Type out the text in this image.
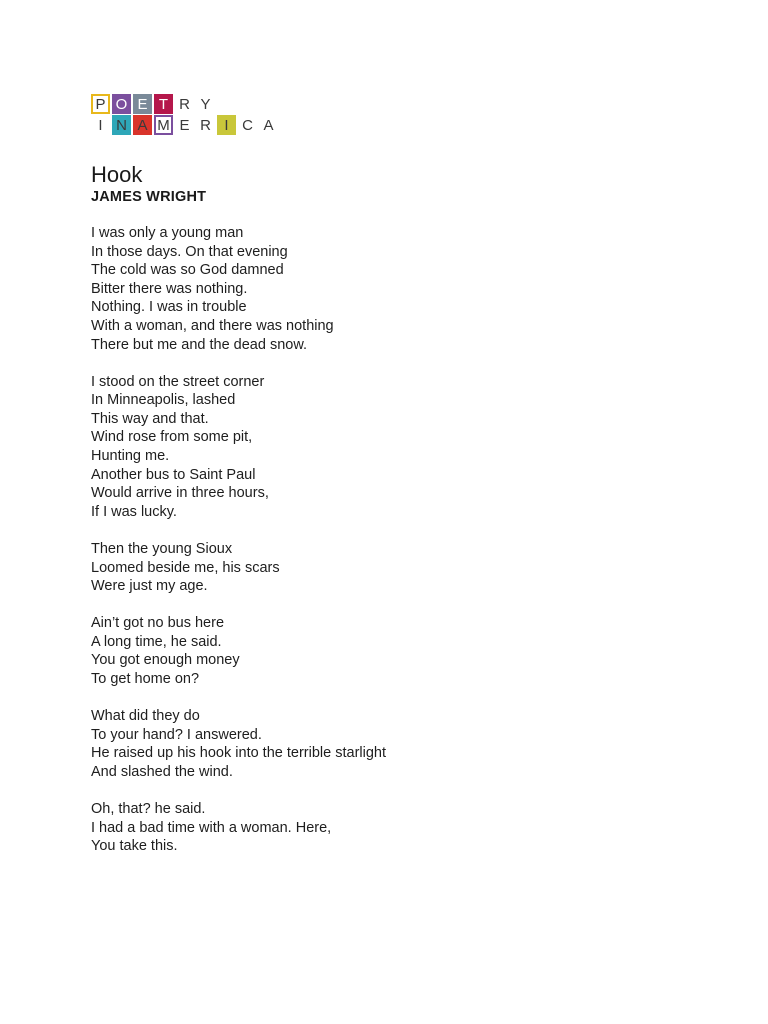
P O E T R Y
I N A M E R I C A
Hook
JAMES WRIGHT
I was only a young man
In those days. On that evening
The cold was so God damned
Bitter there was nothing.
Nothing. I was in trouble
With a woman, and there was nothing
There but me and the dead snow.
I stood on the street corner
In Minneapolis, lashed
This way and that.
Wind rose from some pit,
Hunting me.
Another bus to Saint Paul
Would arrive in three hours,
If I was lucky.
Then the young Sioux
Loomed beside me, his scars
Were just my age.
Ain’t got no bus here
A long time, he said.
You got enough money
To get home on?
What did they do
To your hand? I answered.
He raised up his hook into the terrible starlight
And slashed the wind.
Oh, that? he said.
I had a bad time with a woman. Here,
You take this.
